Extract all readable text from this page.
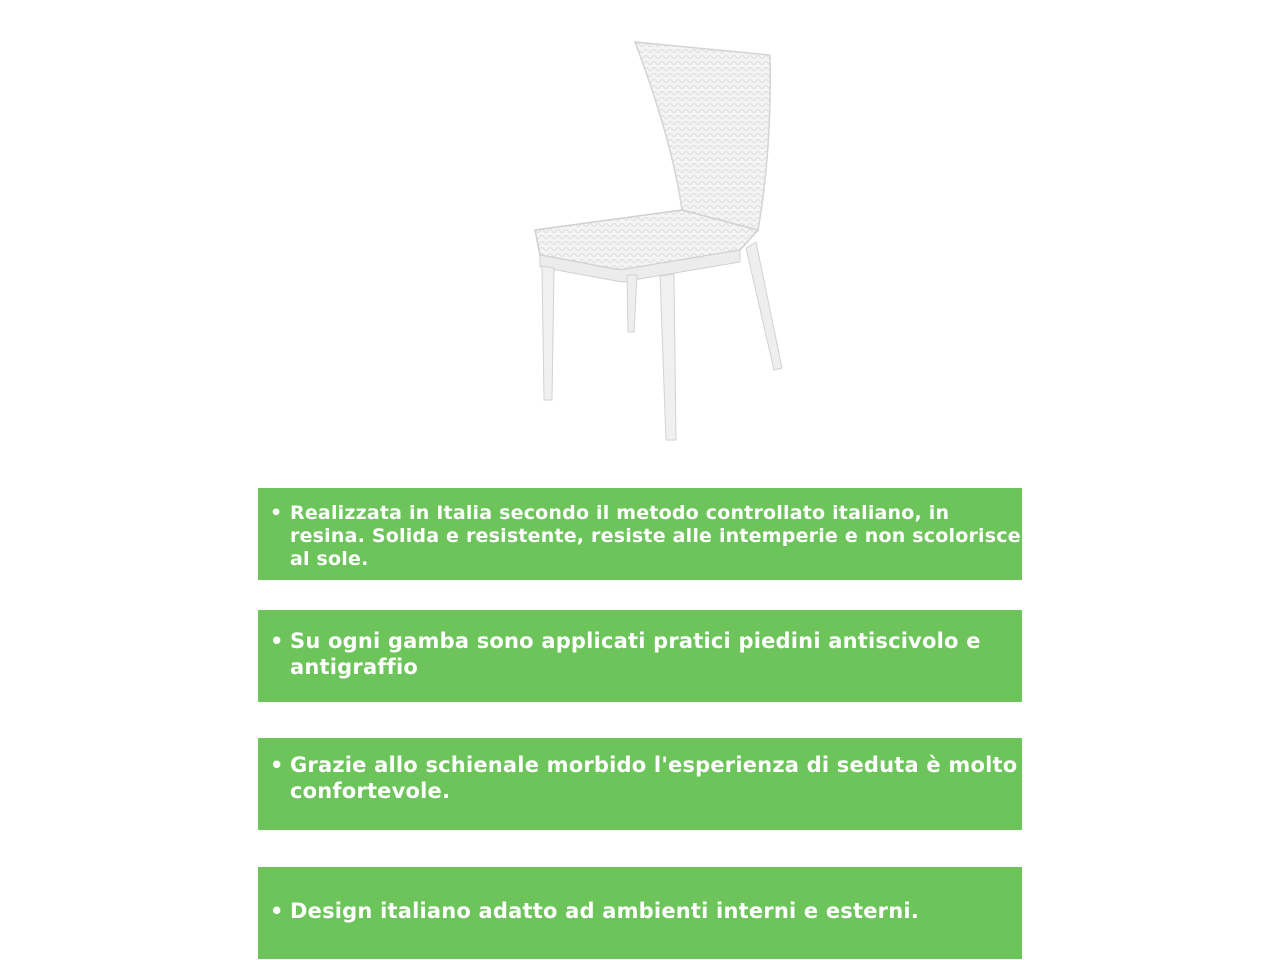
• Realizzata in Italia secondo il metodo controllato italiano, in resina. Solida e resistente, resiste alle intemperie e non scolorisce al sole.
• Su ogni gamba sono applicati pratici piedini antiscivolo e antigraffio
• Grazie allo schienale morbido l'esperienza di seduta è molto
confortevole.
• Design italiano adatto ad ambienti interni e esterni.
